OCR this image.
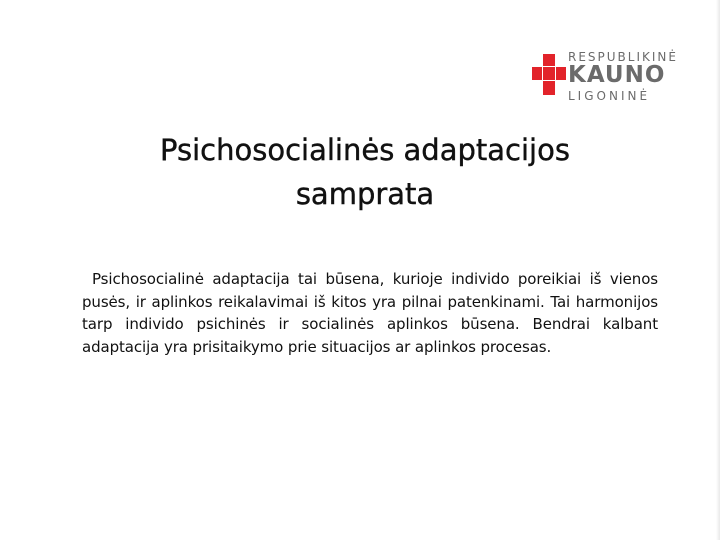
RESPUBLIKINĖ
KAUNO
LIGONINĖ
Psichosocialinės adaptacijos
samprata

Psichosocialinė adaptacija tai būsena, kurioje individo poreikiai iš vienos pusės, ir aplinkos reikalavimai iš kitos yra pilnai patenkinami. Tai harmonijos tarp individo psichinės ir socialinės aplinkos būsena. Bendrai kalbant adaptacija yra prisitaikymo prie situacijos ar aplinkos procesas.
